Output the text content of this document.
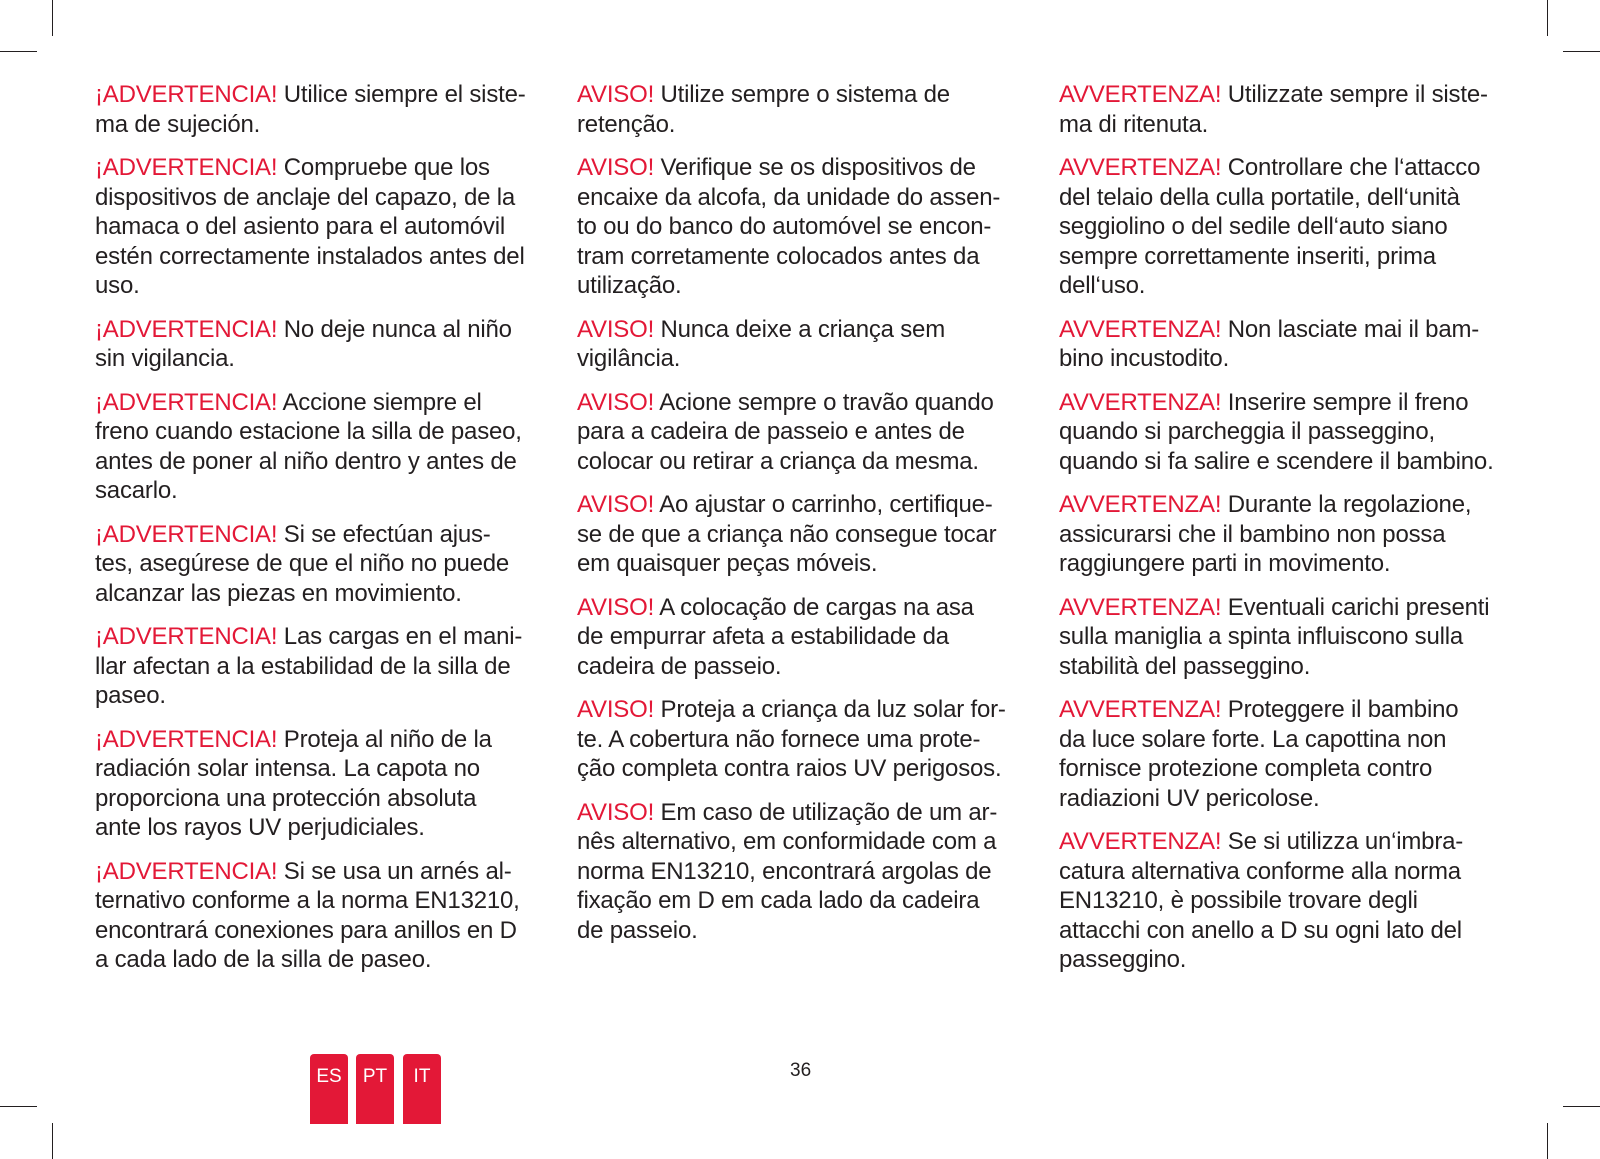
¡ADVERTENCIA! Utilice siempre el siste-
ma de sujeción.

¡ADVERTENCIA! Compruebe que los
dispositivos de anclaje del capazo, de la
hamaca o del asiento para el automóvil
estén correctamente instalados antes del
uso.

¡ADVERTENCIA! No deje nunca al niño
sin vigilancia.

¡ADVERTENCIA! Accione siempre el
freno cuando estacione la silla de paseo,
antes de poner al niño dentro y antes de
sacarlo.

¡ADVERTENCIA! Si se efectúan ajus-
tes, asegúrese de que el niño no puede
alcanzar las piezas en movimiento.

¡ADVERTENCIA! Las cargas en el mani-
llar afectan a la estabilidad de la silla de
paseo.

¡ADVERTENCIA! Proteja al niño de la
radiación solar intensa. La capota no
proporciona una protección absoluta
ante los rayos UV perjudiciales.

¡ADVERTENCIA! Si se usa un arnés al-
ternativo conforme a la norma EN13210,
encontrará conexiones para anillos en D
a cada lado de la silla de paseo.

AVISO! Utilize sempre o sistema de
retenção.

AVISO! Verifique se os dispositivos de
encaixe da alcofa, da unidade do assen-
to ou do banco do automóvel se encon-
tram corretamente colocados antes da
utilização.

AVISO! Nunca deixe a criança sem
vigilância.

AVISO! Acione sempre o travão quando
para a cadeira de passeio e antes de
colocar ou retirar a criança da mesma.

AVISO! Ao ajustar o carrinho, certifique-
se de que a criança não consegue tocar
em quaisquer peças móveis.

AVISO! A colocação de cargas na asa
de empurrar afeta a estabilidade da
cadeira de passeio.

AVISO! Proteja a criança da luz solar for-
te. A cobertura não fornece uma prote-
ção completa contra raios UV perigosos.

AVISO! Em caso de utilização de um ar-
nês alternativo, em conformidade com a
norma EN13210, encontrará argolas de
fixação em D em cada lado da cadeira
de passeio.

AVVERTENZA! Utilizzate sempre il siste-
ma di ritenuta.

AVVERTENZA! Controllare che l‘attacco
del telaio della culla portatile, dell‘unità
seggiolino o del sedile dell‘auto siano
sempre correttamente inseriti, prima
dell‘uso.

AVVERTENZA! Non lasciate mai il bam-
bino incustodito.

AVVERTENZA! Inserire sempre il freno
quando si parcheggia il passeggino,
quando si fa salire e scendere il bambino.

AVVERTENZA! Durante la regolazione,
assicurarsi che il bambino non possa
raggiungere parti in movimento.

AVVERTENZA! Eventuali carichi presenti
sulla maniglia a spinta influiscono sulla
stabilità del passeggino.

AVVERTENZA! Proteggere il bambino
da luce solare forte. La capottina non
fornisce protezione completa contro
radiazioni UV pericolose.

AVVERTENZA! Se si utilizza un‘imbra-
catura alternativa conforme alla norma
EN13210, è possibile trovare degli
attacchi con anello a D su ogni lato del
passeggino.

ES	PT	IT	36
